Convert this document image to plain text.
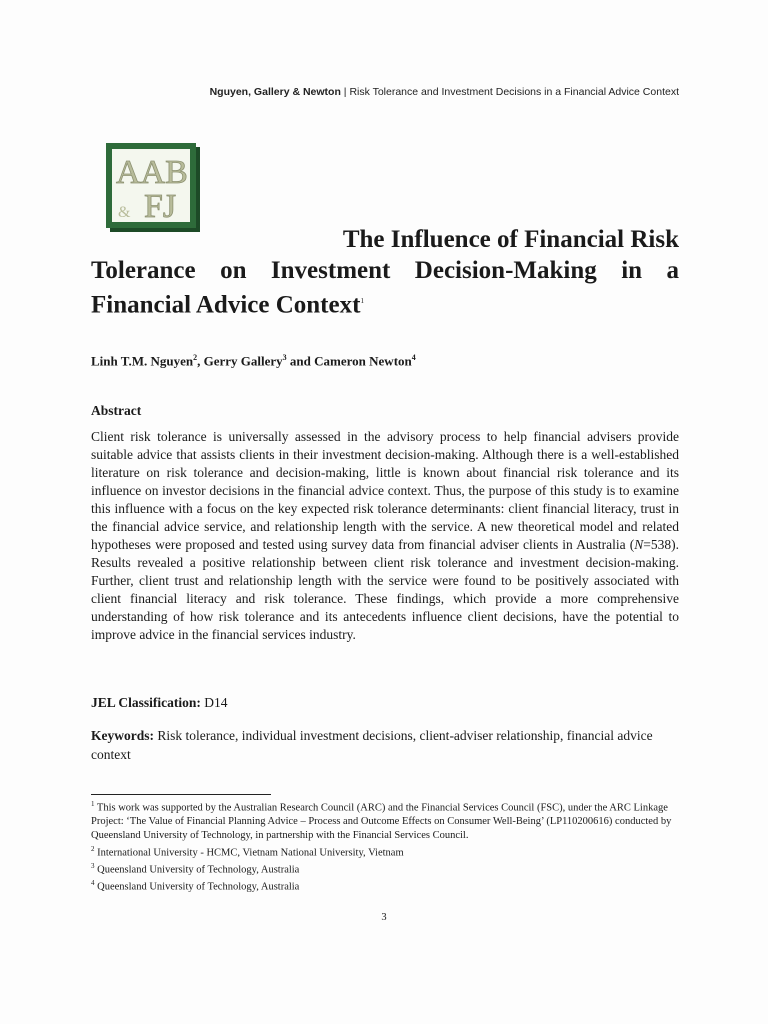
Nguyen, Gallery & Newton | Risk Tolerance and Investment Decisions in a Financial Advice Context
AAB
FJ
&
The Influence of Financial Risk
Tolerance on Investment Decision-Making in a Financial Advice Context$^1$
Linh T.M. Nguyen$^2$, Gerry Gallery$^3$ and Cameron Newton$^4$
Abstract

Client risk tolerance is universally assessed in the advisory process to help financial advisers provide suitable advice that assists clients in their investment decision-making. Although there is a well-established literature on risk tolerance and decision-making, little is known about financial risk tolerance and its influence on investor decisions in the financial advice context. Thus, the purpose of this study is to examine this influence with a focus on the key expected risk tolerance determinants: client financial literacy, trust in the financial advice service, and relationship length with the service. A new theoretical model and related hypotheses were proposed and tested using survey data from financial adviser clients in Australia (N=538). Results revealed a positive relationship between client risk tolerance and investment decision-making. Further, client trust and relationship length with the service were found to be positively associated with client financial literacy and risk tolerance. These findings, which provide a more comprehensive understanding of how risk tolerance and its antecedents influence client decisions, have the potential to improve advice in the financial services industry.

JEL Classification: D14

Keywords: Risk tolerance, individual investment decisions, client-adviser relationship, financial advice context

$^1$ This work was supported by the Australian Research Council (ARC) and the Financial Services Council (FSC), under the ARC Linkage Project: ‘The Value of Financial Planning Advice – Process and Outcome Effects on Consumer Well-Being’ (LP110200616) conducted by Queensland University of Technology, in partnership with the Financial Services Council.
$^2$ International University - HCMC, Vietnam National University, Vietnam
$^3$ Queensland University of Technology, Australia
$^4$ Queensland University of Technology, Australia
3
